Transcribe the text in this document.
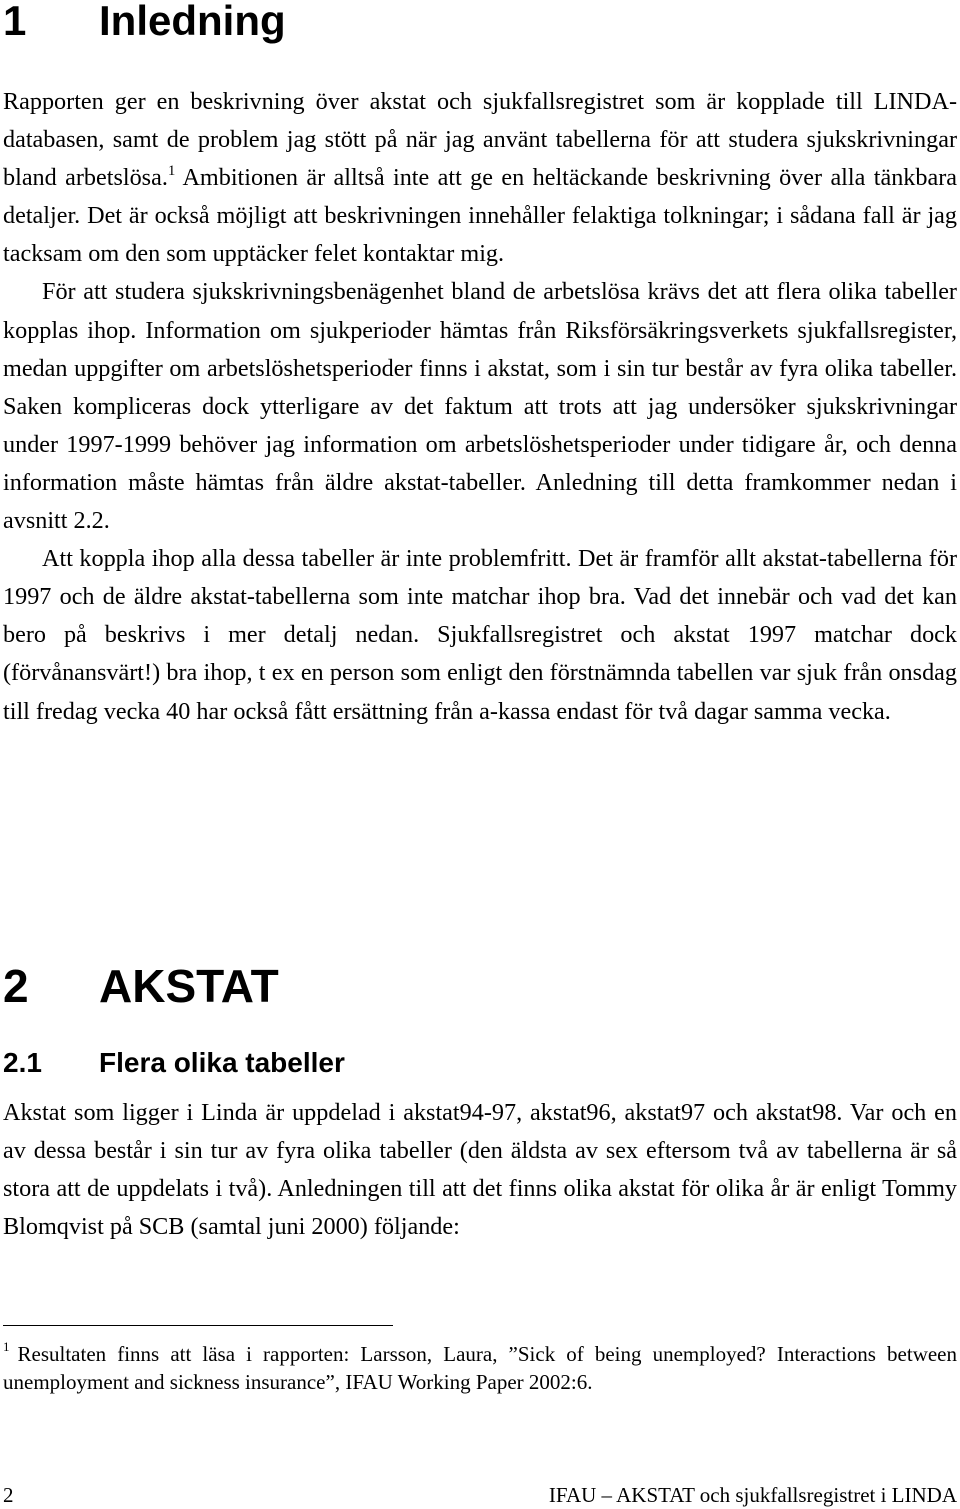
1 Inledning

Rapporten ger en beskrivning över akstat och sjukfallsregistret som är kopplade till LINDA-databasen, samt de problem jag stött på när jag använt tabellerna för att studera sjukskrivningar bland arbetslösa.$^1$ Ambitionen är alltså inte att ge en heltäckande beskrivning över alla tänkbara detaljer. Det är också möjligt att beskrivningen innehåller felaktiga tolkningar; i sådana fall är jag tacksam om den som upptäcker felet kontaktar mig.

För att studera sjukskrivningsbenägenhet bland de arbetslösa krävs det att flera olika tabeller kopplas ihop. Information om sjukperioder hämtas från Riksförsäkringsverkets sjukfallsregister, medan uppgifter om arbetslöshetsperioder finns i akstat, som i sin tur består av fyra olika tabeller. Saken kompliceras dock ytterligare av det faktum att trots att jag undersöker sjukskrivningar under 1997-1999 behöver jag information om arbetslöshetsperioder under tidigare år, och denna information måste hämtas från äldre akstat-tabeller. Anledning till detta framkommer nedan i avsnitt 2.2.

Att koppla ihop alla dessa tabeller är inte problemfritt. Det är framför allt akstat-tabellerna för 1997 och de äldre akstat-tabellerna som inte matchar ihop bra. Vad det innebär och vad det kan bero på beskrivs i mer detalj nedan. Sjukfallsregistret och akstat 1997 matchar dock (förvånansvärt!) bra ihop, t ex en person som enligt den förstnämnda tabellen var sjuk från onsdag till fredag vecka 40 har också fått ersättning från a-kassa endast för två dagar samma vecka.

2 AKSTAT
2.1 Flera olika tabeller

Akstat som ligger i Linda är uppdelad i akstat94-97, akstat96, akstat97 och akstat98. Var och en av dessa består i sin tur av fyra olika tabeller (den äldsta av sex eftersom två av tabellerna är så stora att de uppdelats i två). Anledningen till att det finns olika akstat för olika år är enligt Tommy Blomqvist på SCB (samtal juni 2000) följande:

$^1$ Resultaten finns att läsa i rapporten: Larsson, Laura, ”Sick of being unemployed? Interactions between unemployment and sickness insurance”, IFAU Working Paper 2002:6.
2	IFAU – AKSTAT och sjukfallsregistret i LINDA
